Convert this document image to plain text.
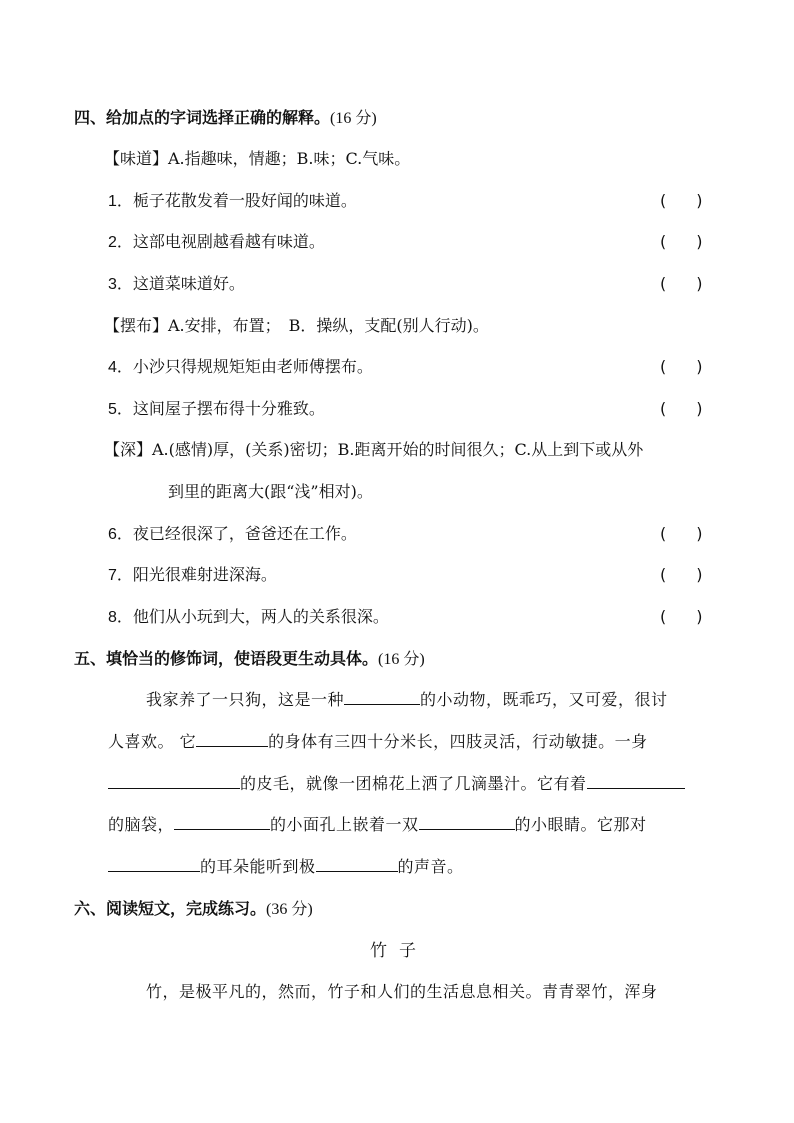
四、给加点的字词选择正确的解释。(16 分)
【味道】A.指趣味，情趣；B.味；C.气味。
1．栀子花散发着一股好闻的味道。	( )
2．这部电视剧越看越有味道。	( )
3．这道菜味道好。	( )
【摆布】A.安排，布置；　B．操纵，支配(别人行动)。
4．小沙只得规规矩矩由老师傅摆布。	( )
5．这间屋子摆布得十分雅致。	( )
【深】A.(感情)厚，(关系)密切；B.距离开始的时间很久；C.从上到下或从外
到里的距离大(跟“浅”相对)。
6．夜已经很深了，爸爸还在工作。	( )
7．阳光很难射进深海。	( )
8．他们从小玩到大，两人的关系很深。	( )
五、填恰当的修饰词，使语段更生动具体。(16 分)
我家养了一只狗，这是一种	的小动物，既乖巧，又可爱，很讨
人喜欢。 它	的身体有三四十分米长，四肢灵活，行动敏捷。一身
的皮毛，就像一团棉花上洒了几滴墨汁。它有着
的脑袋，	的小面孔上嵌着一双	的小眼睛。它那对
的耳朵能听到极	的声音。
六、阅读短文，完成练习。(36 分)
竹子
竹，是极平凡的，然而，竹子和人们的生活息息相关。青青翠竹，浑身
